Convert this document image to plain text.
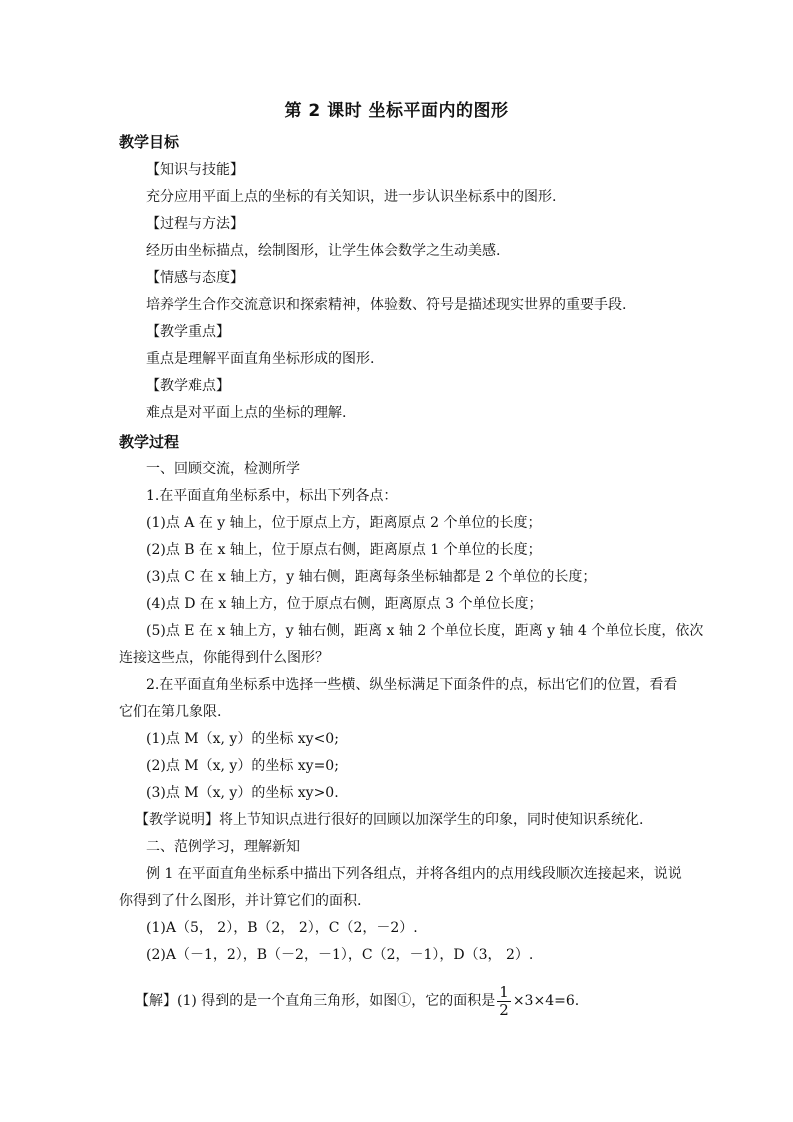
第 2 课时 坐标平面内的图形
教学目标
【知识与技能】
充分应用平面上点的坐标的有关知识，进一步认识坐标系中的图形.
【过程与方法】
经历由坐标描点，绘制图形，让学生体会数学之生动美感.
【情感与态度】
培养学生合作交流意识和探索精神，体验数、符号是描述现实世界的重要手段.
【教学重点】
重点是理解平面直角坐标形成的图形.
【教学难点】
难点是对平面上点的坐标的理解.
教学过程
一、回顾交流，检测所学
1.在平面直角坐标系中，标出下列各点：
(1)点 A 在 y 轴上，位于原点上方，距离原点 2 个单位的长度；
(2)点 B 在 x 轴上，位于原点右侧，距离原点 1 个单位的长度；
(3)点 C 在 x 轴上方，y 轴右侧，距离每条坐标轴都是 2 个单位的长度；
(4)点 D 在 x 轴上方，位于原点右侧，距离原点 3 个单位长度；
(5)点 E 在 x 轴上方，y 轴右侧，距离 x 轴 2 个单位长度，距离 y 轴 4 个单位长度，依次
连接这些点，你能得到什么图形？
2.在平面直角坐标系中选择一些横、纵坐标满足下面条件的点，标出它们的位置，看看
它们在第几象限.
(1)点 M（x, y）的坐标 xy<0;
(2)点 M（x, y）的坐标 xy=0;
(3)点 M（x, y）的坐标 xy>0.
【教学说明】将上节知识点进行很好的回顾以加深学生的印象，同时使知识系统化.
二、范例学习，理解新知
例 1 在平面直角坐标系中描出下列各组点，并将各组内的点用线段顺次连接起来，说说
你得到了什么图形，并计算它们的面积.
(1)A（5， 2），B（2， 2），C（2，－2）.
(2)A（－1，2），B（－2，－1），C（2，－1），D（3， 2）.
【解】(1) 得到的是一个直角三角形，如图①，它的面积是 $\frac{1}{2} \times 3\times 4=6$.
